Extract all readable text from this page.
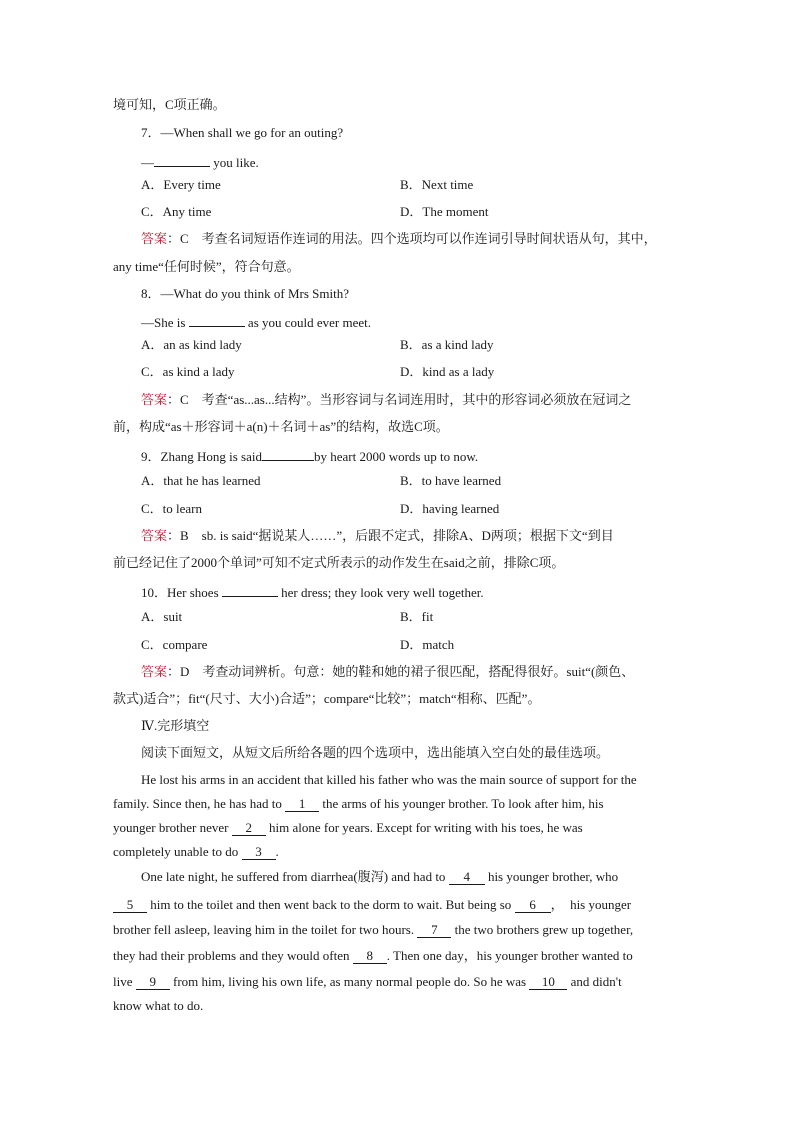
境可知，C项正确。
7．—When shall we go for an outing?
—	you like.
A．Every time	B．Next time
C．Any time	D．The moment
答案：C　考查名词短语作连词的用法。四个选项均可以作连词引导时间状语从句，其中，
any time“任何时候”，符合句意。
8．—What do you think of Mrs Smith?
—She is	as you could ever meet.
A．an as kind lady	B．as a kind lady
C．as kind a lady	D．kind as a lady
答案：C　考查“as...as...结构”。当形容词与名词连用时，其中的形容词必须放在冠词之
前，构成“as＋形容词＋a(n)＋名词＋as”的结构，故选C项。
9．Zhang Hong is said	by heart 2000 words up to now.
A．that he has learned	B．to have learned
C．to learn	D．having learned
答案：B　sb. is said“据说某人……”，后跟不定式，排除A、D两项；根据下文“到目
前已经记住了2000个单词”可知不定式所表示的动作发生在said之前，排除C项。
10．Her shoes	her dress; they look very well together.
A．suit	B．fit
C．compare	D．match
答案：D　考查动词辨析。句意：她的鞋和她的裙子很匹配，搭配得很好。suit“(颜色、
款式)适合”；fit“(尺寸、大小)合适”；compare“比较”；match“相称、匹配”。
Ⅳ.完形填空
阅读下面短文，从短文后所给各题的四个选项中，选出能填入空白处的最佳选项。
He lost his arms in an accident that killed his father who was the main source of support for the
family. Since then, he has had to 1 the arms of his younger brother. To look after him, his
younger brother never 2 him alone for years. Except for writing with his toes, he was
completely unable to do 3 .
One late night, he suffered from diarrhea(腹泻) and had to 4 his younger brother, who
5 him to the toilet and then went back to the dorm to wait. But being so 6 ，　his younger
brother fell asleep, leaving him in the toilet for two hours. 7 the two brothers grew up together,
they had their problems and they would often 8 . Then one day，his younger brother wanted to
live 9 from him, living his own life, as many normal people do. So he was 10 and didn't
know what to do.
